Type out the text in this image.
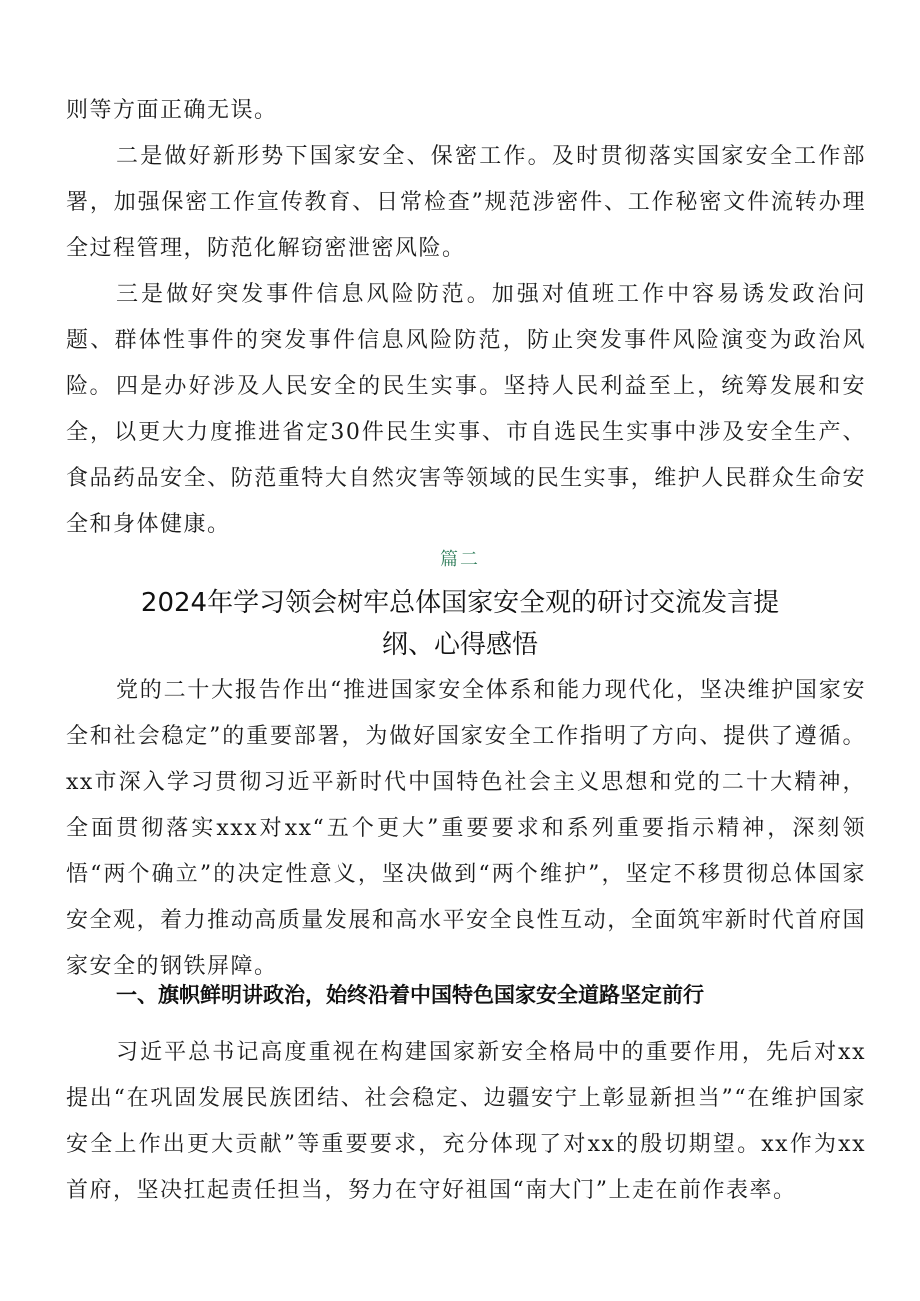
则等方面正确无误。

二是做好新形势下国家安全、保密工作。及时贯彻落实国家安全工作部署，加强保密工作宣传教育、日常检查”规范涉密件、工作秘密文件流转办理全过程管理，防范化解窃密泄密风险。

三是做好突发事件信息风险防范。加强对值班工作中容易诱发政治问题、群体性事件的突发事件信息风险防范，防止突发事件风险演变为政治风险。 四是办好涉及人民安全的民生实事。坚持人民利益至上，统筹发展和安全，以更大力度推进省定30件民生实事、市自选民生实事中涉及安全生产、食品药品安全、防范重特大自然灾害等领域的民生实事，维护人民群众生命安全和身体健康。

篇二
2024年学习领会树牢总体国家安全观的研讨交流发言提纲、心得感悟

党的二十大报告作出“推进国家安全体系和能力现代化，坚决维护国家安全和社会稳定”的重要部署，为做好国家安全工作指明了方向、提供了遵循。xx市深入学习贯彻习近平新时代中国特色社会主义思想和党的二十大精神，全面贯彻落实xxx对xx“五个更大”重要要求和系列重要指示精神，深刻领悟“两个确立”的决定性意义，坚决做到“两个维护”，坚定不移贯彻总体国家安全观，着力推动高质量发展和高水平安全良性互动，全面筑牢新时代首府国家安全的钢铁屏障。

一、旗帜鲜明讲政治，始终沿着中国特色国家安全道路坚定前行

习近平总书记高度重视在构建国家新安全格局中的重要作用，先后对xx提出“在巩固发展民族团结、社会稳定、边疆安宁上彰显新担当”“在维护国家安全上作出更大贡献”等重要要求，充分体现了对xx的殷切期望。xx作为xx首府，坚决扛起责任担当，努力在守好祖国“南大门”上走在前作表率。
